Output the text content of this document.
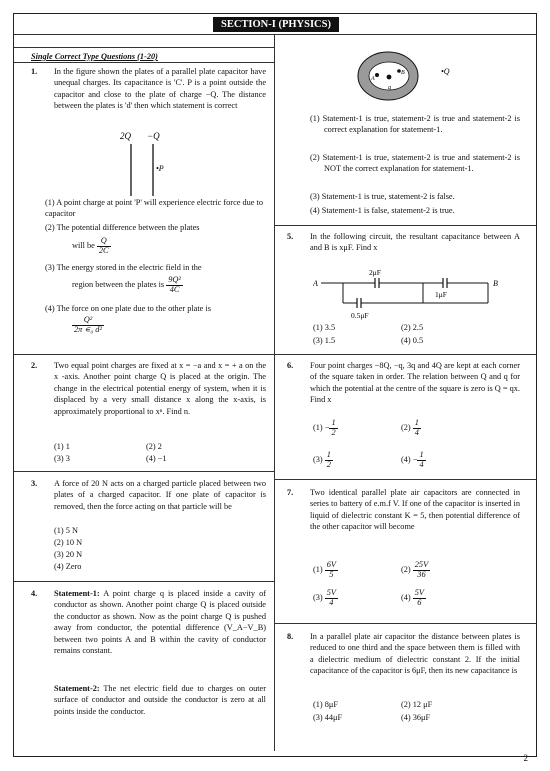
SECTION-I (PHYSICS)
Single Correct Type Questions (1-20)
1. In the figure shown the plates of a parallel plate capacitor have unequal charges. Its capacitance is 'C'. P is a point outside the capacitor and close to the plate of charge −Q. The distance between the plates is 'd' then which statement is correct
2Q −Q
•P
(1) A point charge at point 'P' will experience electric force due to capacitor
(2) The potential difference between the plates
will be $\frac{Q}{2C}$
(3) The energy stored in the electric field in the
region between the plates is $\frac{\text{9Q²}}{4C}$
(4) The force on one plate due to the other plate is
$\frac{\text{Q²}}{\text{2π ∊₀ d²}}$
2. Two equal point charges are fixed at x = −a and x = + a on the x -axis. Another point charge Q is placed at the origin. The change in the electrical potential energy of system, when it is displaced by a very small distance x along the x-axis, is approximately proportional to xⁿ. Find n.
(1) 1	(2) 2
(3) 3	(4) −1
3. A force of 20 N acts on a charged particle placed between two plates of a charged capacitor. If one plate of capacitor is removed, then the force acting on that particle will be
(1) 5 N
(2) 10 N
(3) 20 N
(4) Zero
4. Statement-1: A point charge q is placed inside a cavity of conductor as shown. Another point charge Q is placed outside the conductor as shown. Now as the point charge Q is pushed away from conductor, the potential difference (V_A−V_B) between two points A and B within the cavity of conductor remains constant.
Statement-2: The net electric field due to charges on outer surface of conductor and outside the conductor is zero at all points inside the conductor.
A
q
B	•Q
(1) Statement-1 is true, statement-2 is true and statement-2 is correct explanation for statement-1.
(2) Statement-1 is true, statement-2 is true and statement-2 is NOT the correct explanation for statement-1.
(3) Statement-1 is true, statement-2 is false.
(4) Statement-1 is false, statement-2 is true.
5. In the following circuit, the resultant capacitance between A and B is xμF. Find x
A
2μF
1μF
B
0.5μF
(1) 3.5	(2) 2.5
(3) 1.5	(4) 0.5
6. Four point charges −8Q, −q, 3q and 4Q are kept at each corner of the square taken in order. The relation between Q and q for which the potential at the centre of the square is zero is Q = qx. Find x
$(1) - \frac{1}{2}$	$(2) \frac{1}{4}$
$(3) \frac{1}{2}$	$(4) - \frac{1}{4}$
7. Two identical parallel plate air capacitors are connected in series to battery of e.m.f V. If one of the capacitor is inserted in liquid of dielectric constant K = 5, then potential difference of the other capacitor will become
$(1) \frac{6V}{5}$	$(2) \frac{25V}{36}$
$(3) \frac{5V}{4}$	$(4) \frac{5V}{6}$
8. In a parallel plate air capacitor the distance between plates is reduced to one third and the space between them is filled with a dielectric medium of dielectric constant 2. If the initial capacitance of the capacitor is 6μF, then its new capacitance is
(1) 8μF	(2) 12 μF
(3) 44μF	(4) 36μF
2
